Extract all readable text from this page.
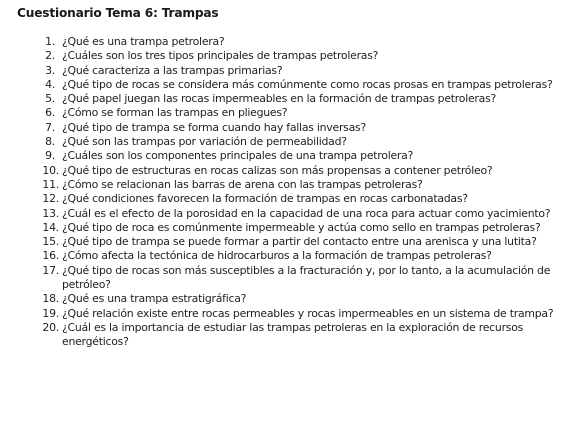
Cuestionario Tema 6: Trampas
1. ¿Qué es una trampa petrolera?
2. ¿Cuáles son los tres tipos principales de trampas petroleras?
3. ¿Qué caracteriza a las trampas primarias?
4. ¿Qué tipo de rocas se considera más comúnmente como rocas prosas en trampas petroleras?
5. ¿Qué papel juegan las rocas impermeables en la formación de trampas petroleras?
6. ¿Cómo se forman las trampas en pliegues?
7. ¿Qué tipo de trampa se forma cuando hay fallas inversas?
8. ¿Qué son las trampas por variación de permeabilidad?
9. ¿Cuáles son los componentes principales de una trampa petrolera?
10. ¿Qué tipo de estructuras en rocas calizas son más propensas a contener petróleo?
11. ¿Cómo se relacionan las barras de arena con las trampas petroleras?
12. ¿Qué condiciones favorecen la formación de trampas en rocas carbonatadas?
13. ¿Cuál es el efecto de la porosidad en la capacidad de una roca para actuar como yacimiento?
14. ¿Qué tipo de roca es comúnmente impermeable y actúa como sello en trampas petroleras?
15. ¿Qué tipo de trampa se puede formar a partir del contacto entre una arenisca y una lutita?
16. ¿Cómo afecta la tectónica de hidrocarburos a la formación de trampas petroleras?
17. ¿Qué tipo de rocas son más susceptibles a la fracturación y, por lo tanto, a la acumulación de petróleo?
18. ¿Qué es una trampa estratigráfica?
19. ¿Qué relación existe entre rocas permeables y rocas impermeables en un sistema de trampa?
20. ¿Cuál es la importancia de estudiar las trampas petroleras en la exploración de recursos energéticos?
